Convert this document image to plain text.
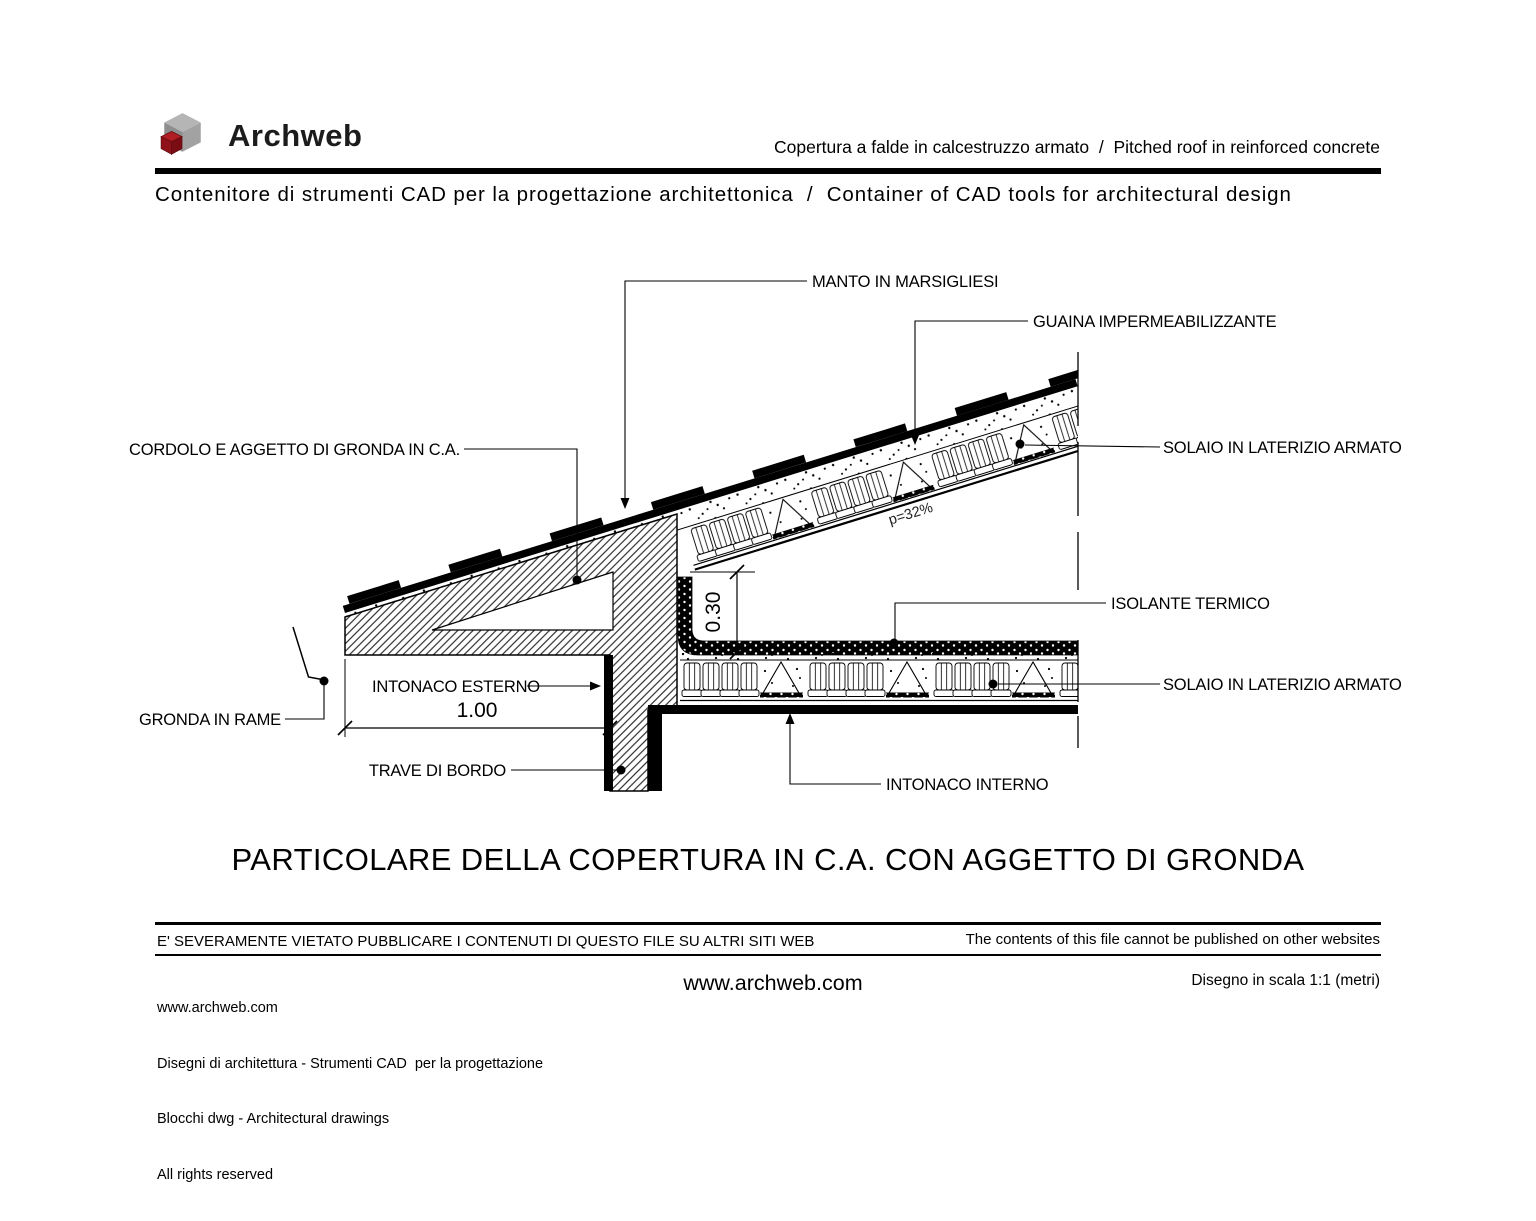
1.00
0.30
p=32%
MANTO IN MARSIGLIESI
GUAINA IMPERMEABILIZZANTE
CORDOLO E AGGETTO DI GRONDA IN C.A.	SOLAIO IN LATERIZIO ARMATO
ISOLANTE TERMICO
SOLAIO IN LATERIZIO ARMATO
GRONDA IN RAME
INTONACO ESTERNO
TRAVE DI BORDO
INTONACO INTERNO
Archweb	Copertura a falde in calcestruzzo armato  /  Pitched roof in reinforced concrete
Contenitore di strumenti CAD per la progettazione architettonica  /  Container of CAD tools for architectural design
PARTICOLARE DELLA COPERTURA IN C.A. CON AGGETTO DI GRONDA
E' SEVERAMENTE VIETATO PUBBLICARE I CONTENUTI DI QUESTO FILE SU ALTRI SITI WEB	The contents of this file cannot be published on other websites

www.archweb.com

Disegni di architettura - Strumenti CAD  per la progettazione

Blocchi dwg - Architectural drawings

All rights reserved

www.archweb.com	Disegno in scala 1:1 (metri)
